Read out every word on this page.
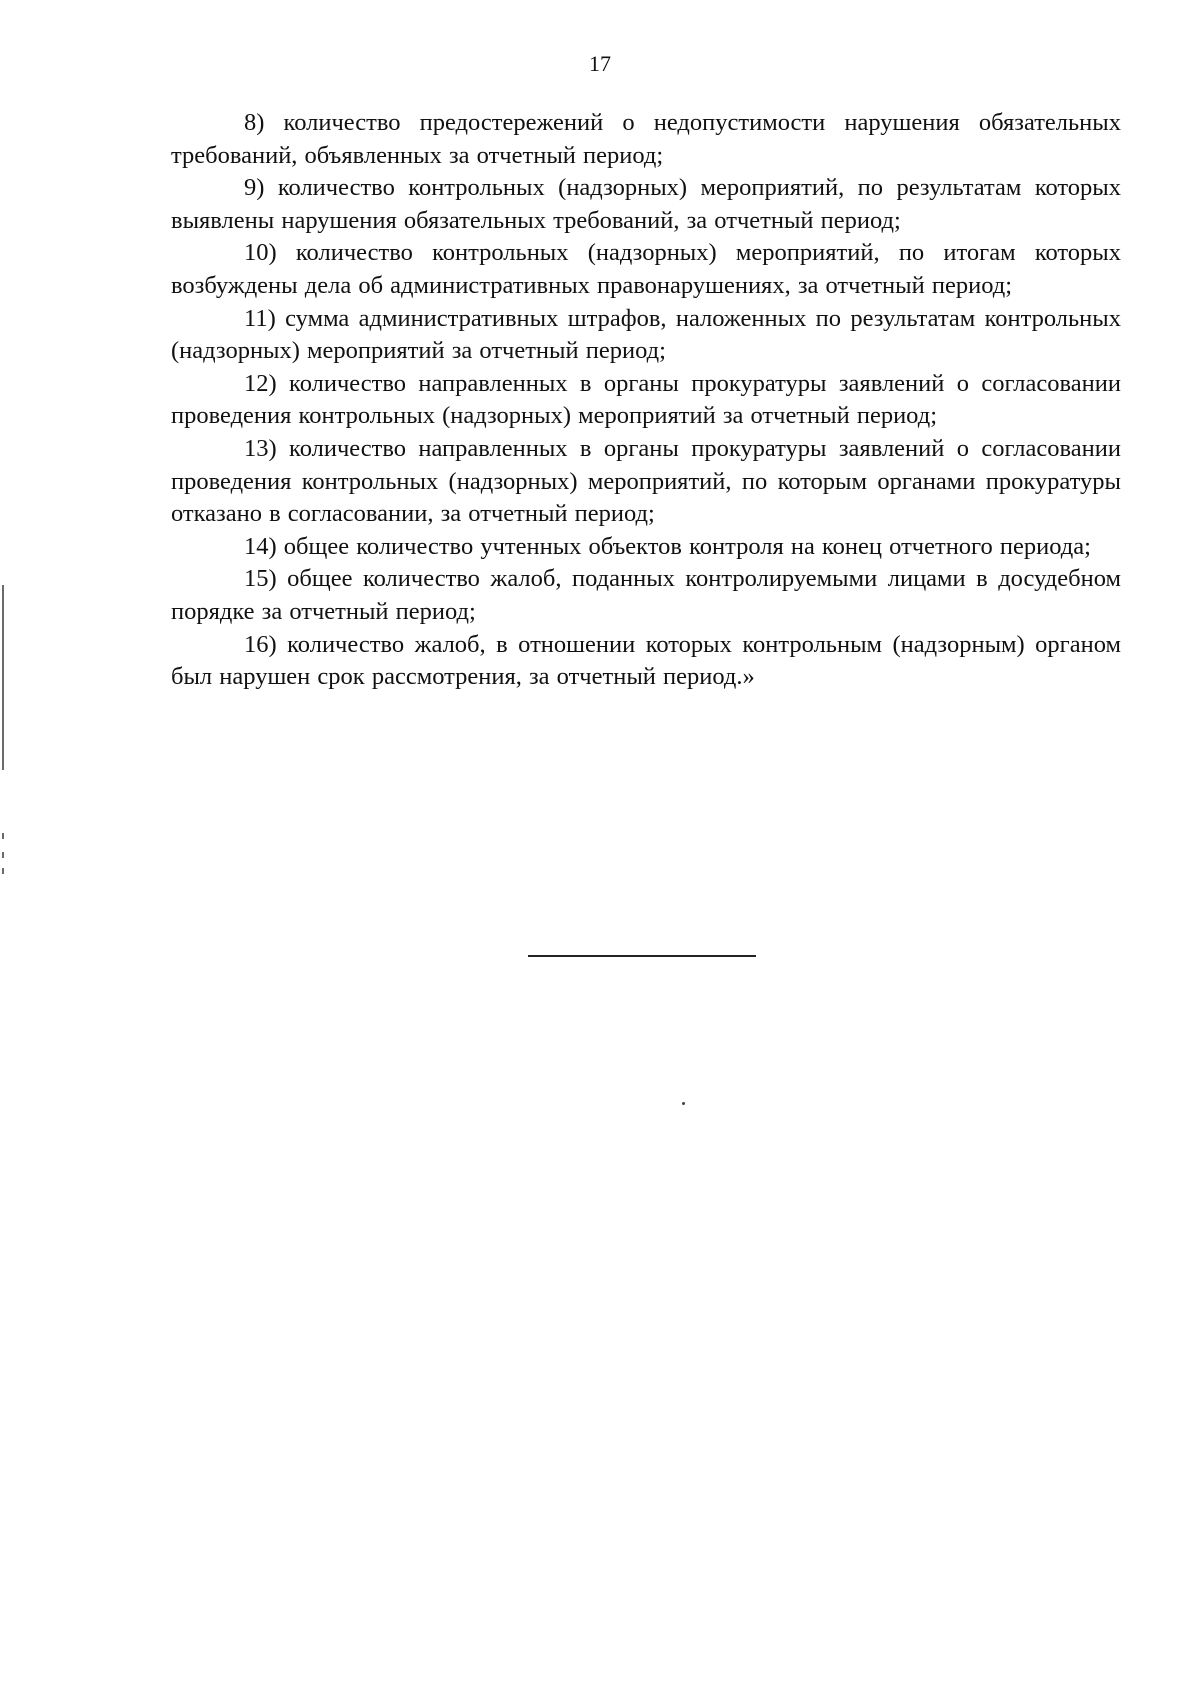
17

8) количество предостережений о недопустимости нарушения обязательных требований, объявленных за отчетный период;

9) количество контрольных (надзорных) мероприятий, по результатам которых выявлены нарушения обязательных требований, за отчетный период;

10) количество контрольных (надзорных) мероприятий, по итогам которых возбуждены дела об административных правонарушениях, за отчетный период;

11) сумма административных штрафов, наложенных по результатам контрольных (надзорных) мероприятий за отчетный период;

12) количество направленных в органы прокуратуры заявлений о согласовании проведения контрольных (надзорных) мероприятий за отчетный период;

13) количество направленных в органы прокуратуры заявлений о согласовании проведения контрольных (надзорных) мероприятий, по которым органами прокуратуры отказано в согласовании, за отчетный период;

14) общее количество учтенных объектов контроля на конец отчетного периода;

15) общее количество жалоб, поданных контролируемыми лицами в досудебном порядке за отчетный период;

16) количество жалоб, в отношении которых контрольным (надзорным) органом был нарушен срок рассмотрения, за отчетный период.»
